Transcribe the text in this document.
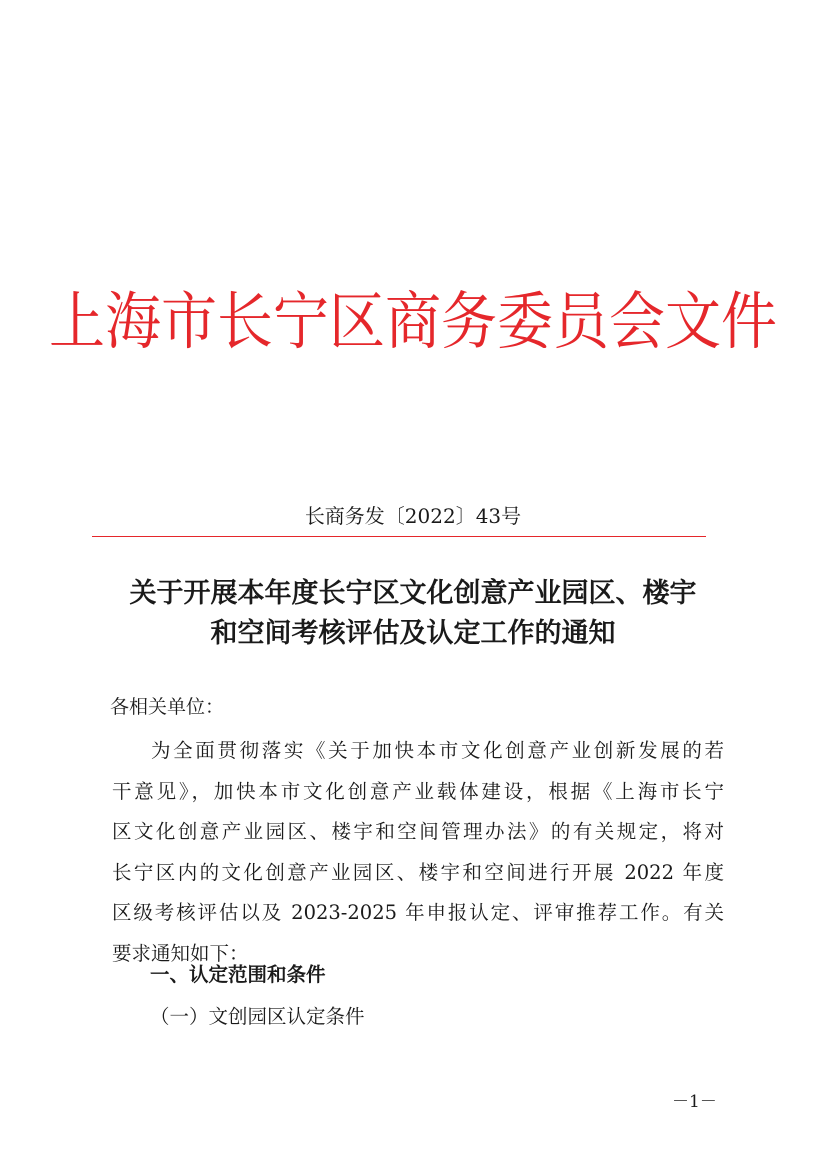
上海市长宁区商务委员会文件
长商务发〔2022〕43号
关于开展本年度长宁区文化创意产业园区、楼宇
和空间考核评估及认定工作的通知
各相关单位：
为全面贯彻落实《关于加快本市文化创意产业创新发展的若
干意见》，加快本市文化创意产业载体建设，根据《上海市长宁
区文化创意产业园区、楼宇和空间管理办法》的有关规定，将对
长宁区内的文化创意产业园区、楼宇和空间进行开展 2022 年度
区级考核评估以及 2023-2025 年申报认定、评审推荐工作。有关
要求通知如下：
一、认定范围和条件
（一）文创园区认定条件
－1－
